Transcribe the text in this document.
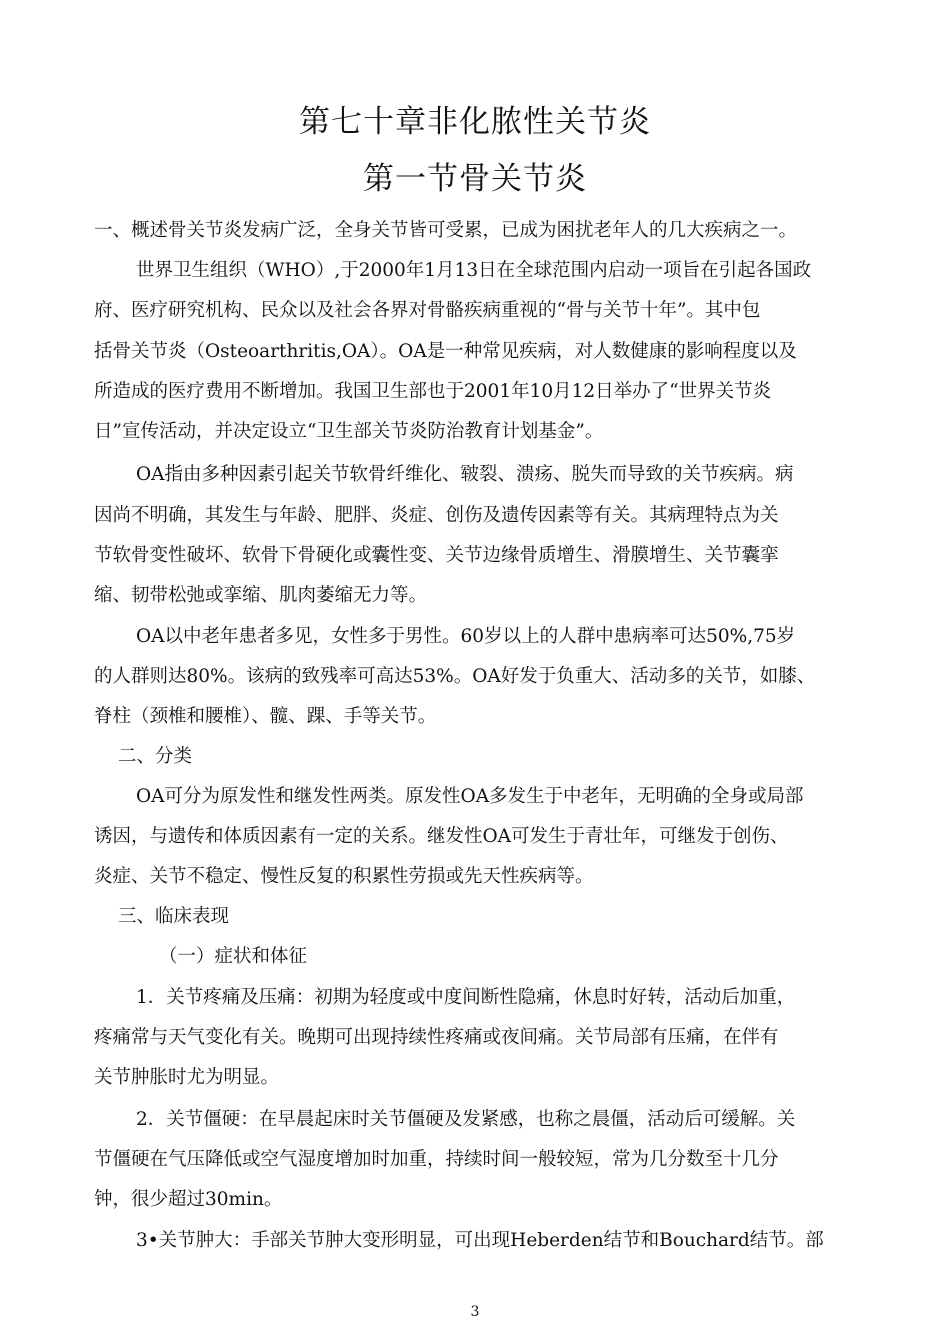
第七十章非化脓性关节炎
第一节骨关节炎
一、概述骨关节炎发病广泛，全身关节皆可受累，已成为困扰老年人的几大疾病之一。
世界卫生组织（WHO）,于2000年1月13日在全球范围内启动一项旨在引起各国政
府、医疗研究机构、民众以及社会各界对骨骼疾病重视的“骨与关节十年”。其中包
括骨关节炎（Osteoarthritis,OA）。OA是一种常见疾病，对人数健康的影响程度以及
所造成的医疗费用不断增加。我国卫生部也于2001年10月12日举办了“世界关节炎
日”宣传活动，并决定设立“卫生部关节炎防治教育计划基金”。
OA指由多种因素引起关节软骨纤维化、皲裂、溃疡、脱失而导致的关节疾病。病
因尚不明确，其发生与年龄、肥胖、炎症、创伤及遗传因素等有关。其病理特点为关
节软骨变性破坏、软骨下骨硬化或囊性变、关节边缘骨质增生、滑膜增生、关节囊挛
缩、韧带松弛或挛缩、肌肉萎缩无力等。
OA以中老年患者多见，女性多于男性。60岁以上的人群中患病率可达50%,75岁
的人群则达80%。该病的致残率可高达53%。OA好发于负重大、活动多的关节，如膝、
脊柱（颈椎和腰椎）、髋、踝、手等关节。
二、分类
OA可分为原发性和继发性两类。原发性OA多发生于中老年，无明确的全身或局部
诱因，与遗传和体质因素有一定的关系。继发性OA可发生于青壮年，可继发于创伤、
炎症、关节不稳定、慢性反复的积累性劳损或先天性疾病等。
三、临床表现
（一）症状和体征
1．关节疼痛及压痛：初期为轻度或中度间断性隐痛，休息时好转，活动后加重，
疼痛常与天气变化有关。晚期可出现持续性疼痛或夜间痛。关节局部有压痛，在伴有
关节肿胀时尤为明显。
2．关节僵硬：在早晨起床时关节僵硬及发紧感，也称之晨僵，活动后可缓解。关
节僵硬在气压降低或空气湿度增加时加重，持续时间一般较短，常为几分数至十几分
钟，很少超过30min。
3•关节肿大：手部关节肿大变形明显，可出现Heberden结节和Bouchard结节。部
3
